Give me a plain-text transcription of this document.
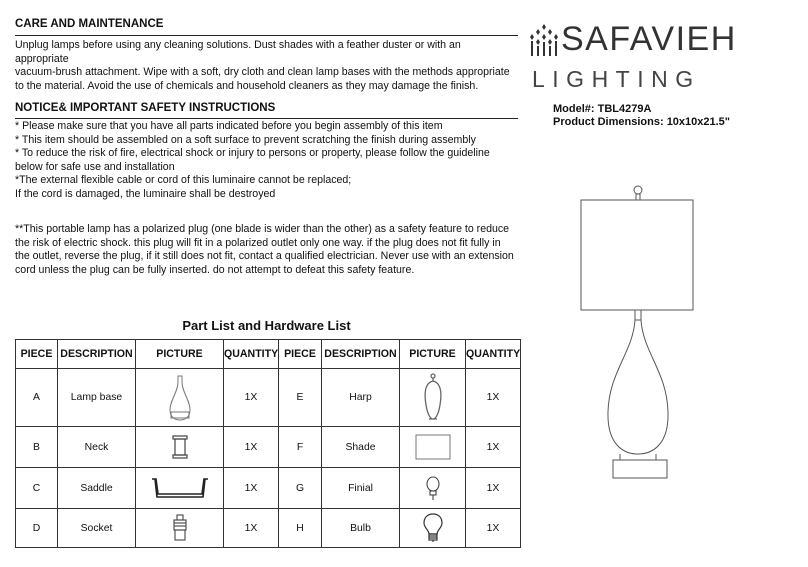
CARE AND MAINTENANCE
Unplug lamps before using any cleaning solutions. Dust shades with a feather duster or with an
appropriate
vacuum-brush attachment. Wipe with a soft, dry cloth and clean lamp bases with the methods appropriate
to the material. Avoid the use of chemicals and household cleaners as they may damage the finish.
NOTICE& IMPORTANT SAFETY INSTRUCTIONS
* Please make sure that you have all parts indicated before you begin assembly of this item
* This item should be assembled on a soft surface to prevent scratching the finish during assembly
* To reduce the risk of fire, electrical shock or injury to persons or property, please follow the guideline
below for safe use and installation
*The external flexible cable or cord of this luminaire cannot be replaced;
If the cord is damaged, the luminaire shall be destroyed
**This portable lamp has a polarized plug (one blade is wider than the other) as a safety feature to reduce
the risk of electric shock. this plug will fit in a polarized outlet only one way. if the plug does not fit fully in
the outlet, reverse the plug, if it still does not fit, contact a qualified electrician. Never use with an extension
cord unless the plug can be fully inserted. do not attempt to defeat this safety feature.
SAFAVIEH
LIGHTING
Model#: TBL4279A
Product Dimensions: 10x10x21.5"
Part List and Hardware List
PIECE	DESCRIPTION	PICTURE	QUANTITY	PIECE	DESCRIPTION	PICTURE	QUANTITY
A	Lamp base		1X	E	Harp		1X
B	Neck		1X	F	Shade		1X
C	Saddle		1X	G	Finial		1X
D	Socket		1X	H	Bulb		1X
